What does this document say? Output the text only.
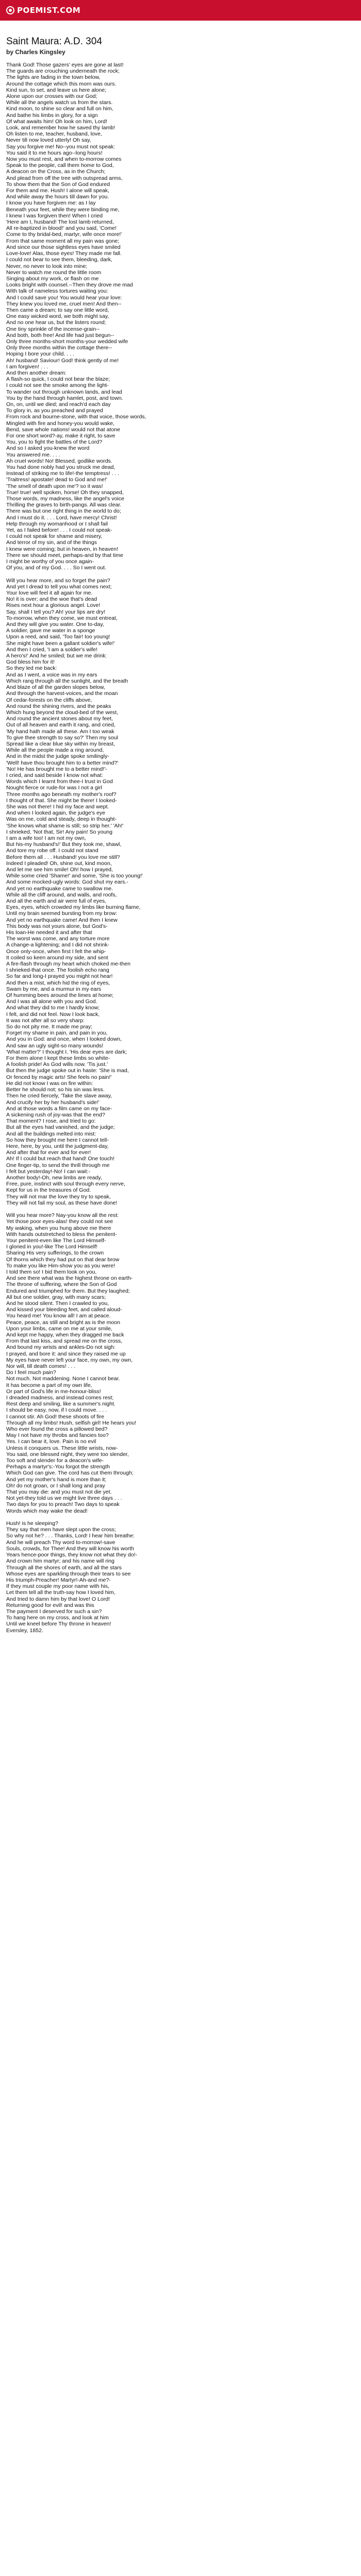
POEMIST.COM
Saint Maura: A.D. 304
by Charles Kingsley
Thank God! Those gazers' eyes are gone at last!
The guards are crouching underneath the rock;
The lights are fading in the town below,
Around the cottage which this morn was ours.
Kind sun, to set, and leave us here alone;
Alone upon our crosses with our God;
While all the angels watch us from the stars.
Kind moon, to shine so clear and full on him,
And bathe his limbs in glory, for a sign
Of what awaits him! Oh look on him, Lord!
Look, and remember how he saved thy lamb!
Oh listen to me, teacher, husband, love,
Never till now loved utterly! Oh say,
Say you forgive me! No--you must not speak:
You said it to me hours ago--long hours!
Now you must rest, and when to-morrow comes
Speak to the people, call them home to God,
A deacon on the Cross, as in the Church;
And plead from off the tree with outspread arms,
To show them that the Son of God endured
For them and me. Hush! I alone will speak,
And while away the hours till dawn for you.
I know you have forgiven me: as I lay
Beneath your feet, while they were binding me,
I knew I was forgiven then! When I cried
'Here am I, husband! The lost lamb returned,
All re-baptized in blood!' and you said, 'Come!
Come to thy bridal-bed, martyr, wife once more!'
From that same moment all my pain was gone;
And since our those sightless eyes have smiled
Love-love! Alas, those eyes! They made me fall.
I could not bear to see them, bleeding, dark,
Never, no never to look into mine;
Never to watch me round the little room
Singing about my work, or flash on me
Looks bright with counsel.--Then they drove me mad
With talk of nameless tortures waiting you:
And I could save you! You would hear your love:
They knew you loved me, cruel men! And then--
Then came a dream; to say one little word,
One easy wicked word, we both might say,
And no one hear us, but the listers round;
One tiny sprinkle of the incense-grain--
And both, both free! And life had just begun--
Only three months-short months-your wedded wife
Only three months within the cottage there--
Hoping I bore your child. . . .
Ah! husband! Saviour! God! think gently of me!
I am forgiven! . . .
And then another dream:
A flash-so quick, I could not bear the blaze;
I could not see the smoke among the light-
To wander out through unknown lands, and lead
You by the hand through hamlet, post, and town.
On, on, until we died; and reach'd each day
To glory in, as you preached and prayed
From rock and bourne-stone, with that voice, those words,
Mingled with fire and honey-you would wake,
Bend, save whole nations! would not that atone
For one short word?-ay, make it right, to save
You, you to fight the battles of the Lord?
And so I asked you-knew the word
You answered me. . . .
Ah cruel words! No! Blessed, godlike words.
You had done nobly had you struck me dead,
Instead of striking me to life!-the temptress! . . .
'Traitress! apostate! dead to God and me!'
'The smell of death upon me'? so it was!
True! true! well spoken, horse! Oh they snapped,
Those words, my madness, like the angel's voice
Thrilling the graves to birth-pangs. All was clear.
There was but one right thing in the world to do;
And I must do it. . . . Lord, have mercy! Christ!
Help through my womanhood or I shall fail
Yet, as I failed before! . . . I could not speak-
I could not speak for shame and misery,
And terror of my sin, and of the things
I knew were coming; but in heaven, in heaven!
There we should meet, perhaps-and by that time
I might be worthy of you once again-
Of you, and of my God. . . . So I went out.
Will you hear more, and so forget the pain?
And yet I dread to tell you what comes next;
Your love will feel it all again for me.
No! it is over; and the woe that's dead
Rises next hour a glorious angel. Love!
Say, shall I tell you? Ah! your lips are dry!
To-morrow, when they come, we must entreat,
And they will give you water. One to-day,
A soldier, gave me water in a sponge
Upon a reed, and said, 'Too fair! too young!
She might have been a gallant soldier's wife!'
And then I cried, 'I am a soldier's wife!
A hero's!' And he smiled; but we me drink:
God bless him for it!
So they led me back:
And as I went, a voice was in my ears
Which rang through all the sunlight, and the breath
And blaze of all the garden slopes below,
And through the harvest-voices, and the moan
Of cedar-forests on the cliffs above,
And round the shining rivers, and the peaks
Which hung beyond the cloud-bed of the west,
And round the ancient stones about my feet,
Out of all heaven and earth it rang, and cried,
'My hand hath made all these. Am I too weak
To give thee strength to say so?' Then my soul
Spread like a clear blue sky within my breast,
While all the people made a ring around,
And in the midst the judge spoke smilingly-
'Well! have thou brought him to a better mind?'
'No! He has brought me to a better mind!'-
I cried, and said beside I know not what:
Words which I learnt from thee-I trust in God
Nought fierce or rude-for was I not a girl
Three months ago beneath my mother's roof?
I thought of that. She might be there! I looked-
She was not there! I hid my face and wept.
And when I looked again, the judge's eye
Was on me, cold and steady, deep in thought-
'She knows what shame is still; so strip her.' 'Ah!'
I shrieked, 'Not that, Sir! Any pain! So young
I am a wife too! I am not my own,
But his-my husband's!' But they took me, shawl,
And tore my robe off. I could not stand
Before them all . . . Husband! you love me still?
Indeed I pleaded! Oh, shine out, kind moon,
And let me see him smile! Oh! how I prayed,
While some cried 'Shame!' and some, 'She is too young!'
And some mocked-ugly words: God shut my ears.-
And yet no earthquake came to swallow me.
While all the cliff around, and walls, and roofs,
And all the earth and air were full of eyes,
Eyes, eyes, which crowded my limbs like burning flame,
Until my brain seemed bursting from my brow:
And yet no earthquake came! And then I knew
This body was not yours alone, but God's-
His loan-He needed it and after that
The worst was come, and any torture more
A change-a lightening; and I did not shrink-
Once only-once, when first I felt the whip-
It coiled so keen around my side, and sent
A fire-flash through my heart which choked me-then
I shrieked-that once. The foolish echo rang
So far and long-I prayed you might not hear!
And then a mist, which hid the ring of eyes,
Swam by me, and a murmur in my ears
Of humming bees around the limes at home;
And I was all alone with you and God.
And what they did to me I hardly know;
I felt, and did not feel. Now I look back,
It was not after all so very sharp:
So do not pity me. It made me pray;
Forget my shame in pain, and pain in you,
And you in God: and once, when I looked down,
And saw an ugly sight-so many wounds!
'What matter?' I thought I. 'His dear eyes are dark;
For them alone I kept these limbs so white-
A foolish pride! As God wills now. 'Tis just.'
But then the judge spoke out in haste: 'She is mad,
Or fenced by magic arts! She feels no pain!'
He did not know I was on fire within:
Better he should not; so his sin was less.
Then he cried fiercely, 'Take the slave away,
And crucify her by her husband's side!'
And at those words a film came on my face-
A sickening rush of joy-was that the end?
That moment? I rose, and tried to go:
But all the eyes had vanished, and the judge;
And all the buildings melted into mist:
So how they brought me here I cannot tell-
Here, here, by you, until the judgment-day,
And after that for ever and for ever!
Ah! If I could but reach that hand! One touch!
One finger-tip, to send the thrill through me
I felt but yesterday!-No! I can wait:-
Another body!-Oh, new limbs are ready,
Free, pure, instinct with soul through every nerve,
Kept for us in the treasures of God.
They will not mar the love they try to speak,
They will not fail my soul, as these have done!
Will you hear more? Nay-you know all the rest:
Yet those poor eyes-alas! they could not see
My waking, when you hung above me there
With hands outstretched to bless the penitent-
Your penitent-even like The Lord Himself-
I gloried in you!-like The Lord Himself!
Sharing His very sufferings, to the crown
Of thorns which they had put on that dear brow
To make you like Him-show you as you were!
I told them so! I bid them look on you,
And see there what was the highest throne on earth-
The throne of suffering, where the Son of God
Endured and triumphed for them. But they laughed;
All but one soldier, gray, with many scars;
And he stood silent. Then I crawled to you,
And kissed your bleeding feet, and called aloud-
You heard me! You know all! I am at peace.
Peace, peace, as still and bright as is the moon
Upon your limbs, came on me at your smile,
And kept me happy, when they dragged me back
From that last kiss, and spread me on the cross,
And bound my wrists and ankles-Do not sigh:
I prayed, and bore it: and since they raised me up
My eyes have never left your face, my own, my own,
Nor will, till death comes! . . .
Do I feel much pain?
Not much. Not maddening. None I cannot bear.
It has become a part of my own life,
Or part of God's life in me-honour-bliss!
I dreaded madness, and instead comes rest;
Rest deep and smiling, like a summer's night.
I should be easy, now, if I could move. . . .
I cannot stir. Ah God! these shoots of fire
Through all my limbs! Hush, selfish girl! He hears you!
Who ever found the cross a pillowed bed?
May I not have my throbs and fancies too?
Yes. I can bear it, love. Pain is no evil
Unless it conquers us. These little wrists, now-
You said, one blessed night, they were too slender,
Too soft and slender for a deacon's wife-
Perhaps a martyr's:-You forgot the strength
Which God can give. The cord has cut them through;
And yet my mother's hand is more than it;
Oh! do not groan, or I shall long and pray
That you may die: and you must not die yet.
Not yet-they told us we might live three days . . .
Two days for you to preach! Two days to speak
Words which may wake the dead!
Hush! is he sleeping?
They say that men have slept upon the cross;
So why not he? . . . Thanks, Lord! I hear him breathe:
And he will preach Thy word to-morrow!-save
Souls, crowds, for Thee! And they will know his worth
Years hence-poor things, they know not what they do!-
And crown him martyr; and his name will ring
Through all the shores of earth, and all the stars
Whose eyes are sparkling through their tears to see
His triumph-Preacher! Martyr!-Ah-and me?-
If they must couple my poor name with his,
Let them tell all the truth-say how I loved him,
And tried to damn him by that love! O Lord!
Returning good for evil! and was this
The payment I deserved for such a sin?
To hang here on my cross, and look at him
Until we kneel before Thy throne in heaven!
Eversley, 1852.
